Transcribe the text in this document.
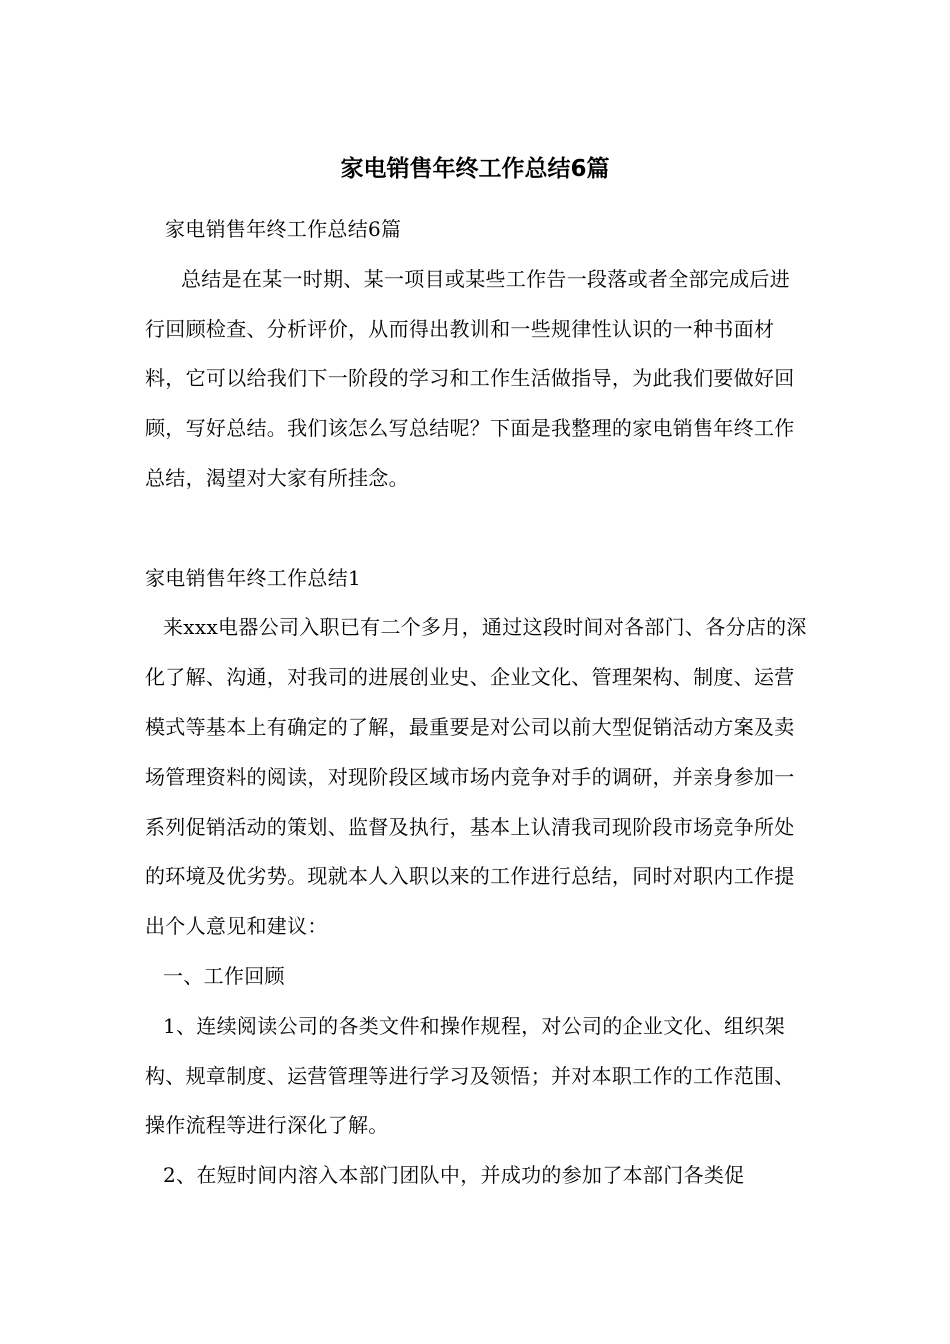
家电销售年终工作总结6篇

家电销售年终工作总结6篇

总结是在某一时期、某一项目或某些工作告一段落或者全部完成后进行回顾检查、分析评价，从而得出教训和一些规律性认识的一种书面材料，它可以给我们下一阶段的学习和工作生活做指导，为此我们要做好回顾，写好总结。我们该怎么写总结呢？下面是我整理的家电销售年终工作总结，渴望对大家有所挂念。

家电销售年终工作总结1

来xxx电器公司入职已有二个多月，通过这段时间对各部门、各分店的深化了解、沟通，对我司的进展创业史、企业文化、管理架构、制度、运营模式等基本上有确定的了解，最重要是对公司以前大型促销活动方案及卖场管理资料的阅读，对现阶段区域市场内竞争对手的调研，并亲身参加一系列促销活动的策划、监督及执行，基本上认清我司现阶段市场竞争所处的环境及优劣势。现就本人入职以来的工作进行总结，同时对职内工作提出个人意见和建议：

一、工作回顾

1、连续阅读公司的各类文件和操作规程，对公司的企业文化、组织架构、规章制度、运营管理等进行学习及领悟；并对本职工作的工作范围、操作流程等进行深化了解。

2、在短时间内溶入本部门团队中，并成功的参加了本部门各类促
